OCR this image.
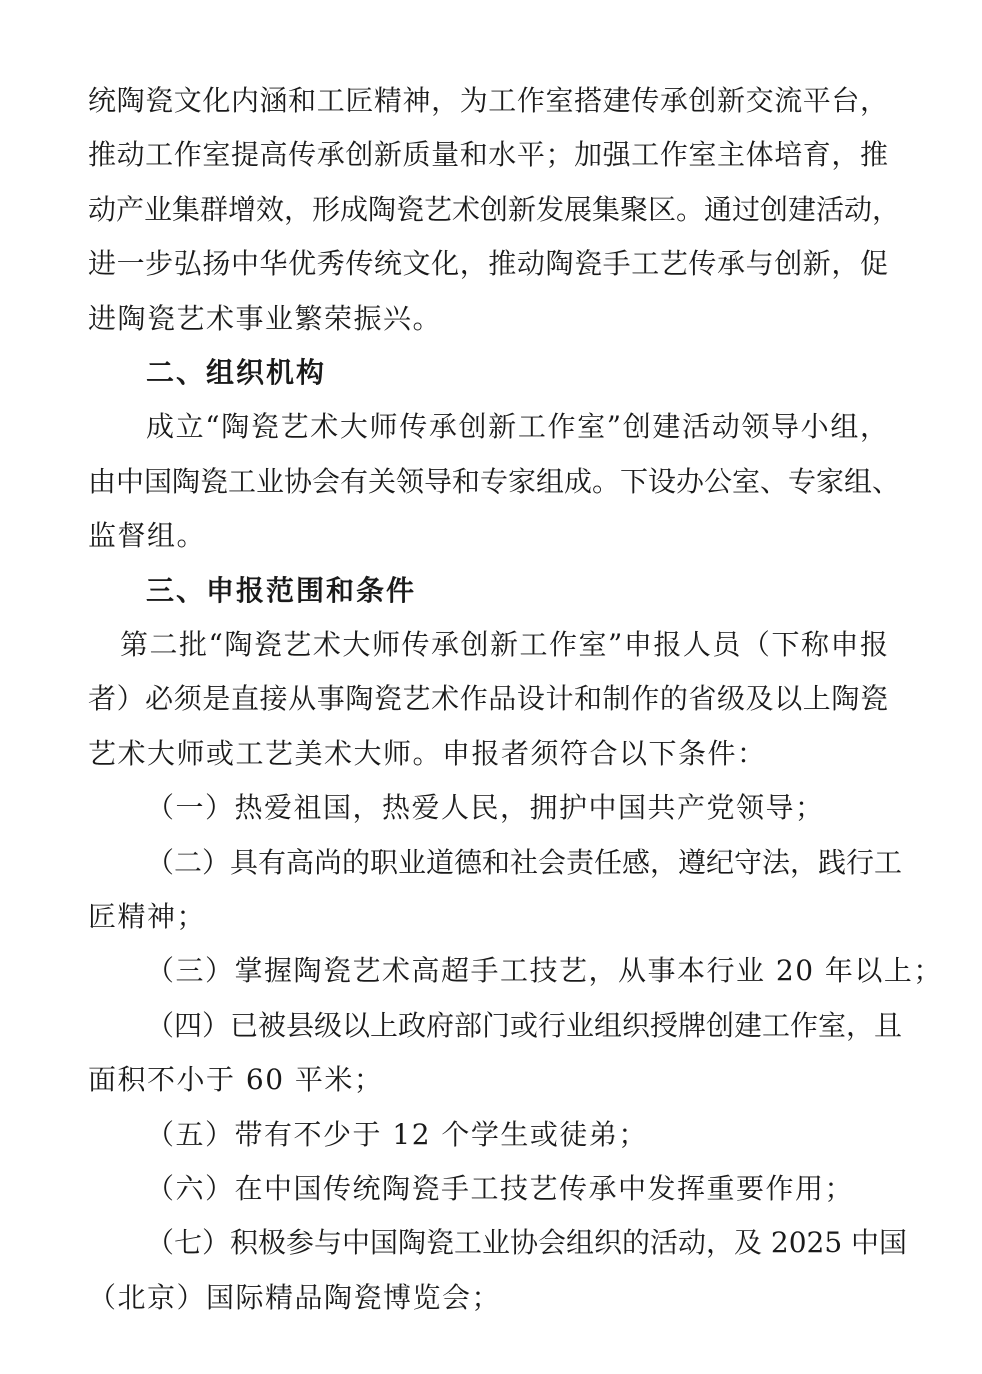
统陶瓷文化内涵和工匠精神，为工作室搭建传承创新交流平台，
推动工作室提高传承创新质量和水平；加强工作室主体培育，推
动产业集群增效，形成陶瓷艺术创新发展集聚区。通过创建活动，
进一步弘扬中华优秀传统文化，推动陶瓷手工艺传承与创新，促
进陶瓷艺术事业繁荣振兴。
二、组织机构
成立“陶瓷艺术大师传承创新工作室”创建活动领导小组，
由中国陶瓷工业协会有关领导和专家组成。下设办公室、专家组、
监督组。
三、申报范围和条件
第二批“陶瓷艺术大师传承创新工作室”申报人员（下称申报
者）必须是直接从事陶瓷艺术作品设计和制作的省级及以上陶瓷
艺术大师或工艺美术大师。申报者须符合以下条件：
（一）热爱祖国，热爱人民，拥护中国共产党领导；
（二）具有高尚的职业道德和社会责任感，遵纪守法，践行工
匠精神；
（三）掌握陶瓷艺术高超手工技艺，从事本行业 20 年以上；
（四）已被县级以上政府部门或行业组织授牌创建工作室，且
面积不小于 60 平米；
（五）带有不少于 12 个学生或徒弟；
（六）在中国传统陶瓷手工技艺传承中发挥重要作用；
（七）积极参与中国陶瓷工业协会组织的活动，及 2025 中国
（北京）国际精品陶瓷博览会；
